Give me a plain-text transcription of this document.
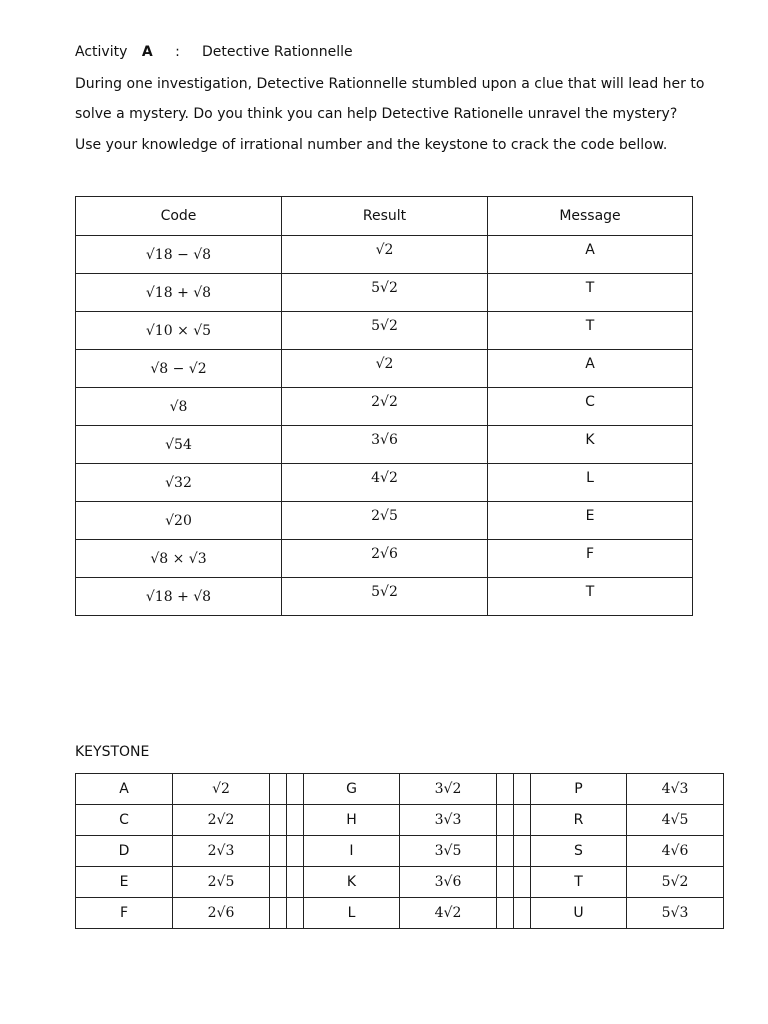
Activity A : Detective Rationnelle
During one investigation, Detective Rationnelle stumbled upon a clue that will lead her to
solve a mystery. Do you think you can help Detective Rationelle unravel the mystery?
Use your knowledge of irrational number and the keystone to crack the code bellow.
Code	Result	Message
√18 − √8	√2	A
√18 + √8	5√2	T
√10 × √5	5√2	T
√8 − √2	√2	A
√8	2√2	C
√54	3√6	K
√32	4√2	L
√20	2√5	E
√8 × √3	2√6	F
√18 + √8	5√2	T
KEYSTONE
A	√2			G	3√2			P	4√3
C	2√2			H	3√3			R	4√5
D	2√3			I	3√5			S	4√6
E	2√5			K	3√6			T	5√2
F	2√6			L	4√2			U	5√3
